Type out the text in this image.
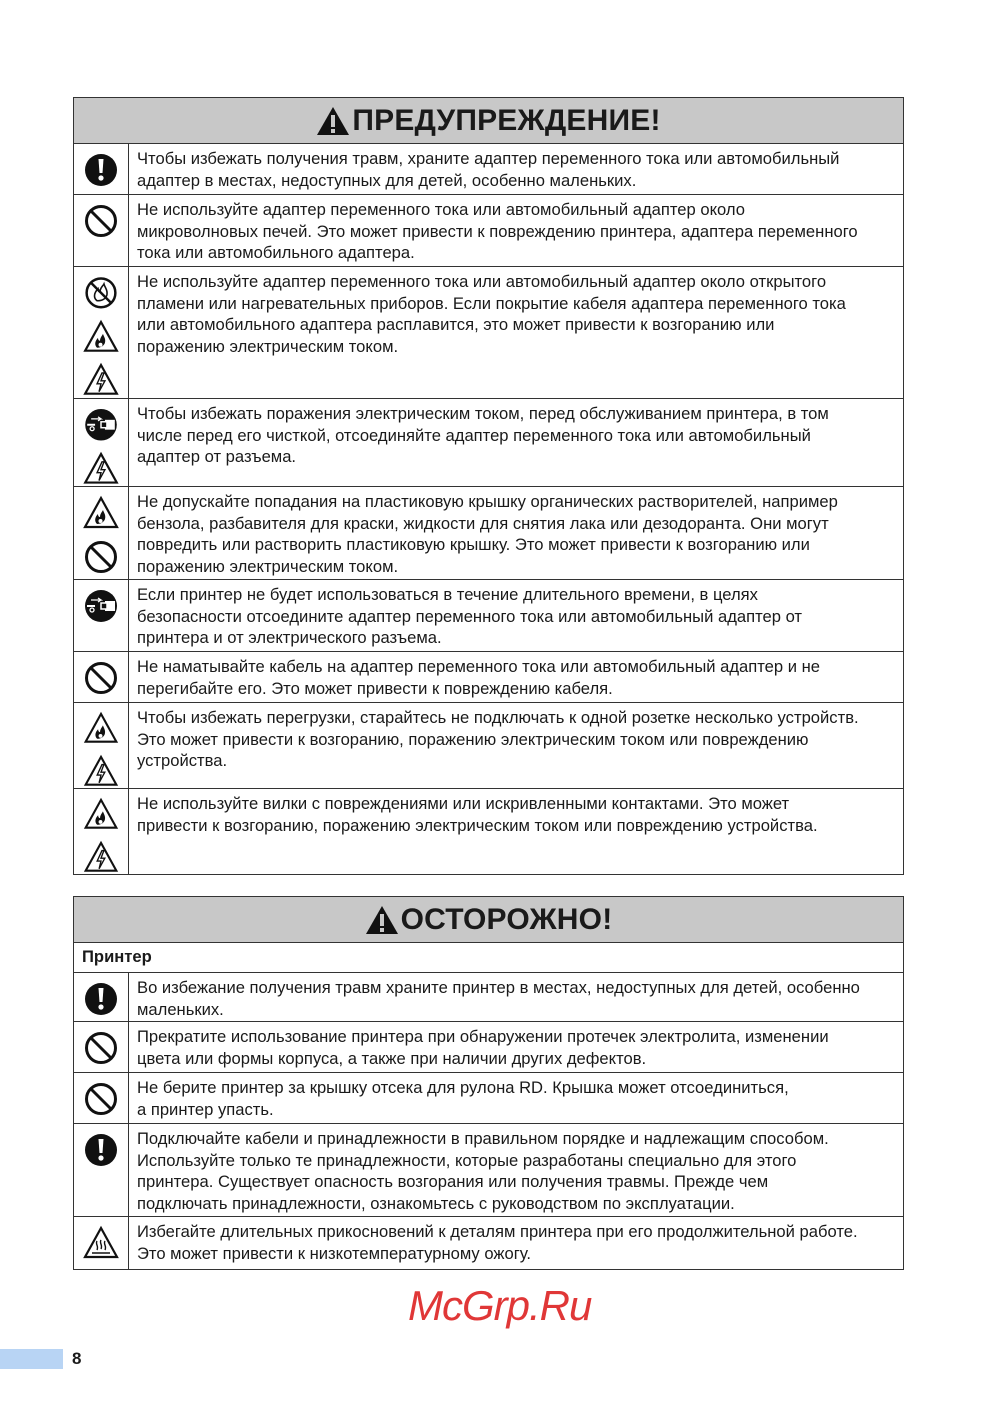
ПРЕДУПРЕЖДЕНИЕ!
Чтобы избежать получения травм, храните адаптер переменного тока или автомобильный
адаптер в местах, недоступных для детей, особенно маленьких.
Не используйте адаптер переменного тока или автомобильный адаптер около
микроволновых печей. Это может привести к повреждению принтера, адаптера переменного
тока или автомобильного адаптера.
Не используйте адаптер переменного тока или автомобильный адаптер около открытого
пламени или нагревательных приборов. Если покрытие кабеля адаптера переменного тока
или автомобильного адаптера расплавится, это может привести к возгоранию или
поражению электрическим током.
Чтобы избежать поражения электрическим током, перед обслуживанием принтера, в том
числе перед его чисткой, отсоединяйте адаптер переменного тока или автомобильный
адаптер от разъема.
Не допускайте попадания на пластиковую крышку органических растворителей, например
бензола, разбавителя для краски, жидкости для снятия лака или дезодоранта. Они могут
повредить или растворить пластиковую крышку. Это может привести к возгоранию или
поражению электрическим током.
Если принтер не будет использоваться в течение длительного времени, в целях
безопасности отсоедините адаптер переменного тока или автомобильный адаптер от
принтера и от электрического разъема.
Не наматывайте кабель на адаптер переменного тока или автомобильный адаптер и не
перегибайте его. Это может привести к повреждению кабеля.
Чтобы избежать перегрузки, старайтесь не подключать к одной розетке несколько устройств.
Это может привести к возгоранию, поражению электрическим током или повреждению
устройства.
Не используйте вилки с повреждениями или искривленными контактами. Это может
привести к возгоранию, поражению электрическим током или повреждению устройства.
ОСТОРОЖНО!
Принтер
Во избежание получения травм храните принтер в местах, недоступных для детей, особенно
маленьких.
Прекратите использование принтера при обнаружении протечек электролита, изменении
цвета или формы корпуса, а также при наличии других дефектов.
Не берите принтер за крышку отсека для рулона RD. Крышка может отсоединиться,
а принтер упасть.
Подключайте кабели и принадлежности в правильном порядке и надлежащим способом.
Используйте только те принадлежности, которые разработаны специально для этого
принтера. Существует опасность возгорания или получения травмы. Прежде чем
подключать принадлежности, ознакомьтесь с руководством по эксплуатации.
Избегайте длительных прикосновений к деталям принтера при его продолжительной работе.
Это может привести к низкотемпературному ожогу.
McGrp.Ru
8
